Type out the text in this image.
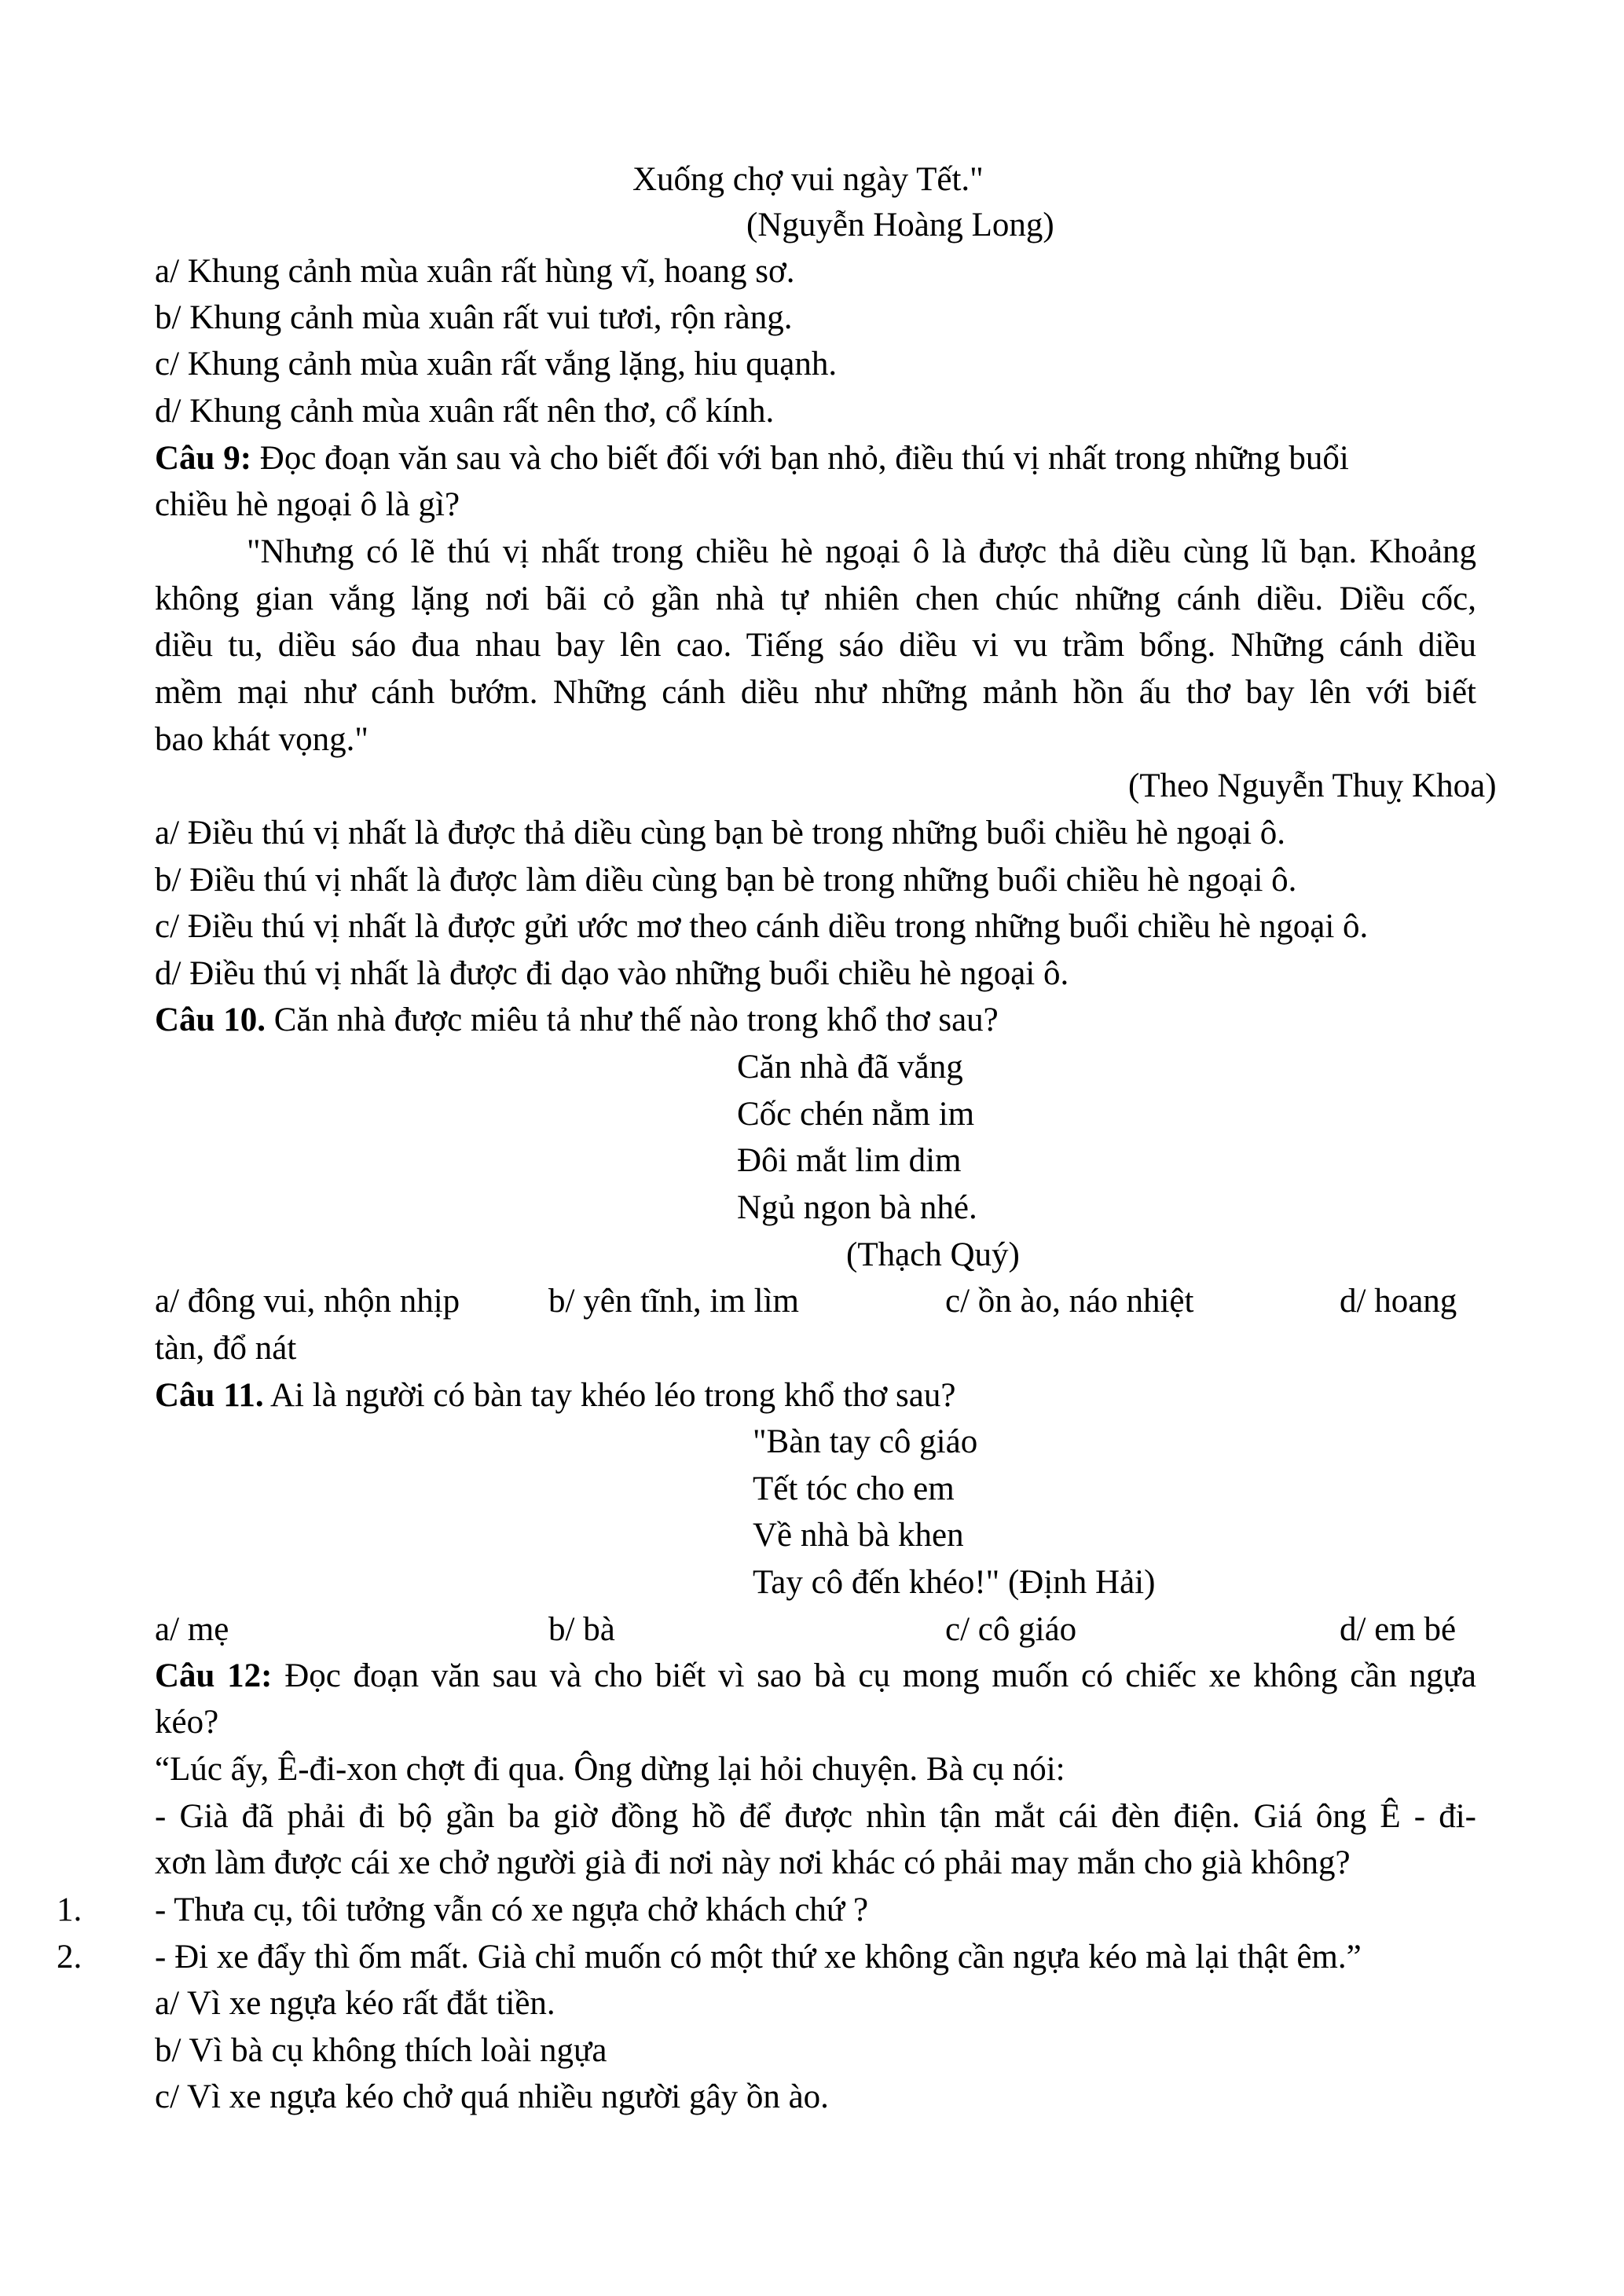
Xuống chợ vui ngày Tết."
(Nguyễn Hoàng Long)
a/ Khung cảnh mùa xuân rất hùng vĩ, hoang sơ.
b/ Khung cảnh mùa xuân rất vui tươi, rộn ràng.
c/ Khung cảnh mùa xuân rất vắng lặng, hiu quạnh.
d/ Khung cảnh mùa xuân rất nên thơ, cổ kính.
Câu 9: Đọc đoạn văn sau và cho biết đối với bạn nhỏ, điều thú vị nhất trong những buổi
chiều hè ngoại ô là gì?
"Nhưng có lẽ thú vị nhất trong chiều hè ngoại ô là được thả diều cùng lũ bạn. Khoảng
không gian vắng lặng nơi bãi cỏ gần nhà tự nhiên chen chúc những cánh diều. Diều cốc,
diều tu, diều sáo đua nhau bay lên cao. Tiếng sáo diều vi vu trầm bổng. Những cánh diều
mềm mại như cánh bướm. Những cánh diều như những mảnh hồn ấu thơ bay lên với biết
bao khát vọng."
(Theo Nguyễn Thuỵ Khoa)
a/ Điều thú vị nhất là được thả diều cùng bạn bè trong những buổi chiều hè ngoại ô.
b/ Điều thú vị nhất là được làm diều cùng bạn bè trong những buổi chiều hè ngoại ô.
c/ Điều thú vị nhất là được gửi ước mơ theo cánh diều trong những buổi chiều hè ngoại ô.
d/ Điều thú vị nhất là được đi dạo vào những buổi chiều hè ngoại ô.
Câu 10. Căn nhà được miêu tả như thế nào trong khổ thơ sau?
Căn nhà đã vắng
Cốc chén nằm im
Đôi mắt lim dim
Ngủ ngon bà nhé.
(Thạch Quý)
a/ đông vui, nhộn nhịp	b/ yên tĩnh, im lìm	c/ ồn ào, náo nhiệt	d/ hoang
tàn, đổ nát
Câu 11. Ai là người có bàn tay khéo léo trong khổ thơ sau?
"Bàn tay cô giáo
Tết tóc cho em
Về nhà bà khen
Tay cô đến khéo!" (Định Hải)
a/ mẹ	b/ bà	c/ cô giáo	d/ em bé
Câu 12: Đọc đoạn văn sau và cho biết vì sao bà cụ mong muốn có chiếc xe không cần ngựa
kéo?
“Lúc ấy, Ê-đi-xon chợt đi qua. Ông dừng lại hỏi chuyện. Bà cụ nói:
- Già đã phải đi bộ gần ba giờ đồng hồ để được nhìn tận mắt cái đèn điện. Giá ông Ê - đi-
xơn làm được cái xe chở người già đi nơi này nơi khác có phải may mắn cho già không?
1. - Thưa cụ, tôi tưởng vẫn có xe ngựa chở khách chứ ?
2. - Đi xe đẩy thì ốm mất. Già chỉ muốn có một thứ xe không cần ngựa kéo mà lại thật êm.”
a/ Vì xe ngựa kéo rất đắt tiền.
b/ Vì bà cụ không thích loài ngựa
c/ Vì xe ngựa kéo chở quá nhiều người gây ồn ào.
